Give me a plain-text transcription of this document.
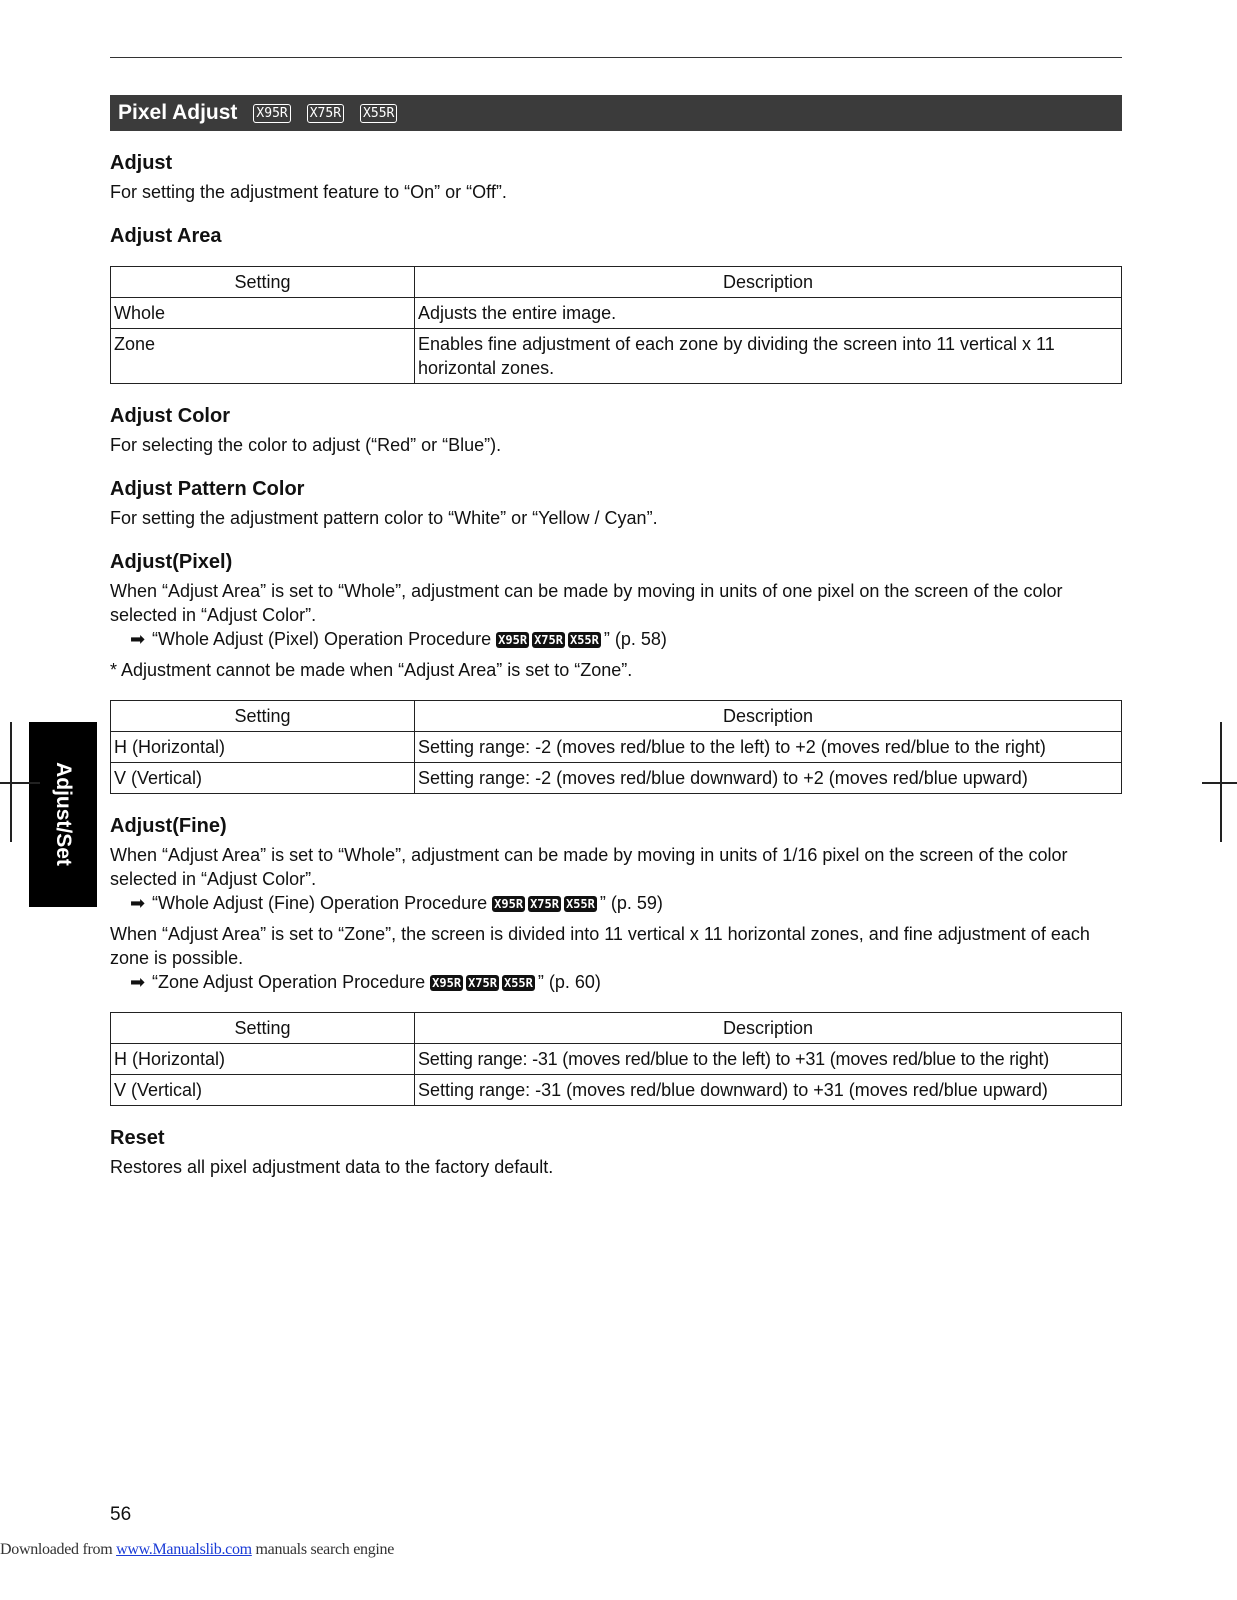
Pixel Adjust X95R X75R X55R
Adjust

For setting the adjustment feature to “On” or “Off”.

Adjust Area
Setting	Description
Whole	Adjusts the entire image.
Zone	Enables fine adjustment of each zone by dividing the screen into 11 vertical x 11 horizontal zones.
Adjust Color

For selecting the color to adjust (“Red” or “Blue”).

Adjust Pattern Color

For setting the adjustment pattern color to “White” or “Yellow / Cyan”.

Adjust(Pixel)

When “Adjust Area” is set to “Whole”, adjustment can be made by moving in units of one pixel on the screen of the color selected in “Adjust Color”.

➡ “Whole Adjust (Pixel) Operation Procedure X95R X75R X55R ” (p. 58)
* Adjustment cannot be made when “Adjust Area” is set to “Zone”.
Setting	Description
H (Horizontal)	Setting range: -2 (moves red/blue to the left) to +2 (moves red/blue to the right)
V (Vertical)	Setting range: -2 (moves red/blue downward) to +2 (moves red/blue upward)
Adjust(Fine)

When “Adjust Area” is set to “Whole”, adjustment can be made by moving in units of 1/16 pixel on the screen of the color selected in “Adjust Color”.

➡ “Whole Adjust (Fine) Operation Procedure X95R X75R X55R ” (p. 59)

When “Adjust Area” is set to “Zone”, the screen is divided into 11 vertical x 11 horizontal zones, and fine adjustment of each zone is possible.

➡ “Zone Adjust Operation Procedure X95R X75R X55R ” (p. 60)
Setting	Description
H (Horizontal)	Setting range: -31 (moves red/blue to the left) to +31 (moves red/blue to the right)
V (Vertical)	Setting range: -31 (moves red/blue downward) to +31 (moves red/blue upward)
Reset

Restores all pixel adjustment data to the factory default.

Adjust/Set
56
Downloaded from www.Manualslib.com manuals search engine
